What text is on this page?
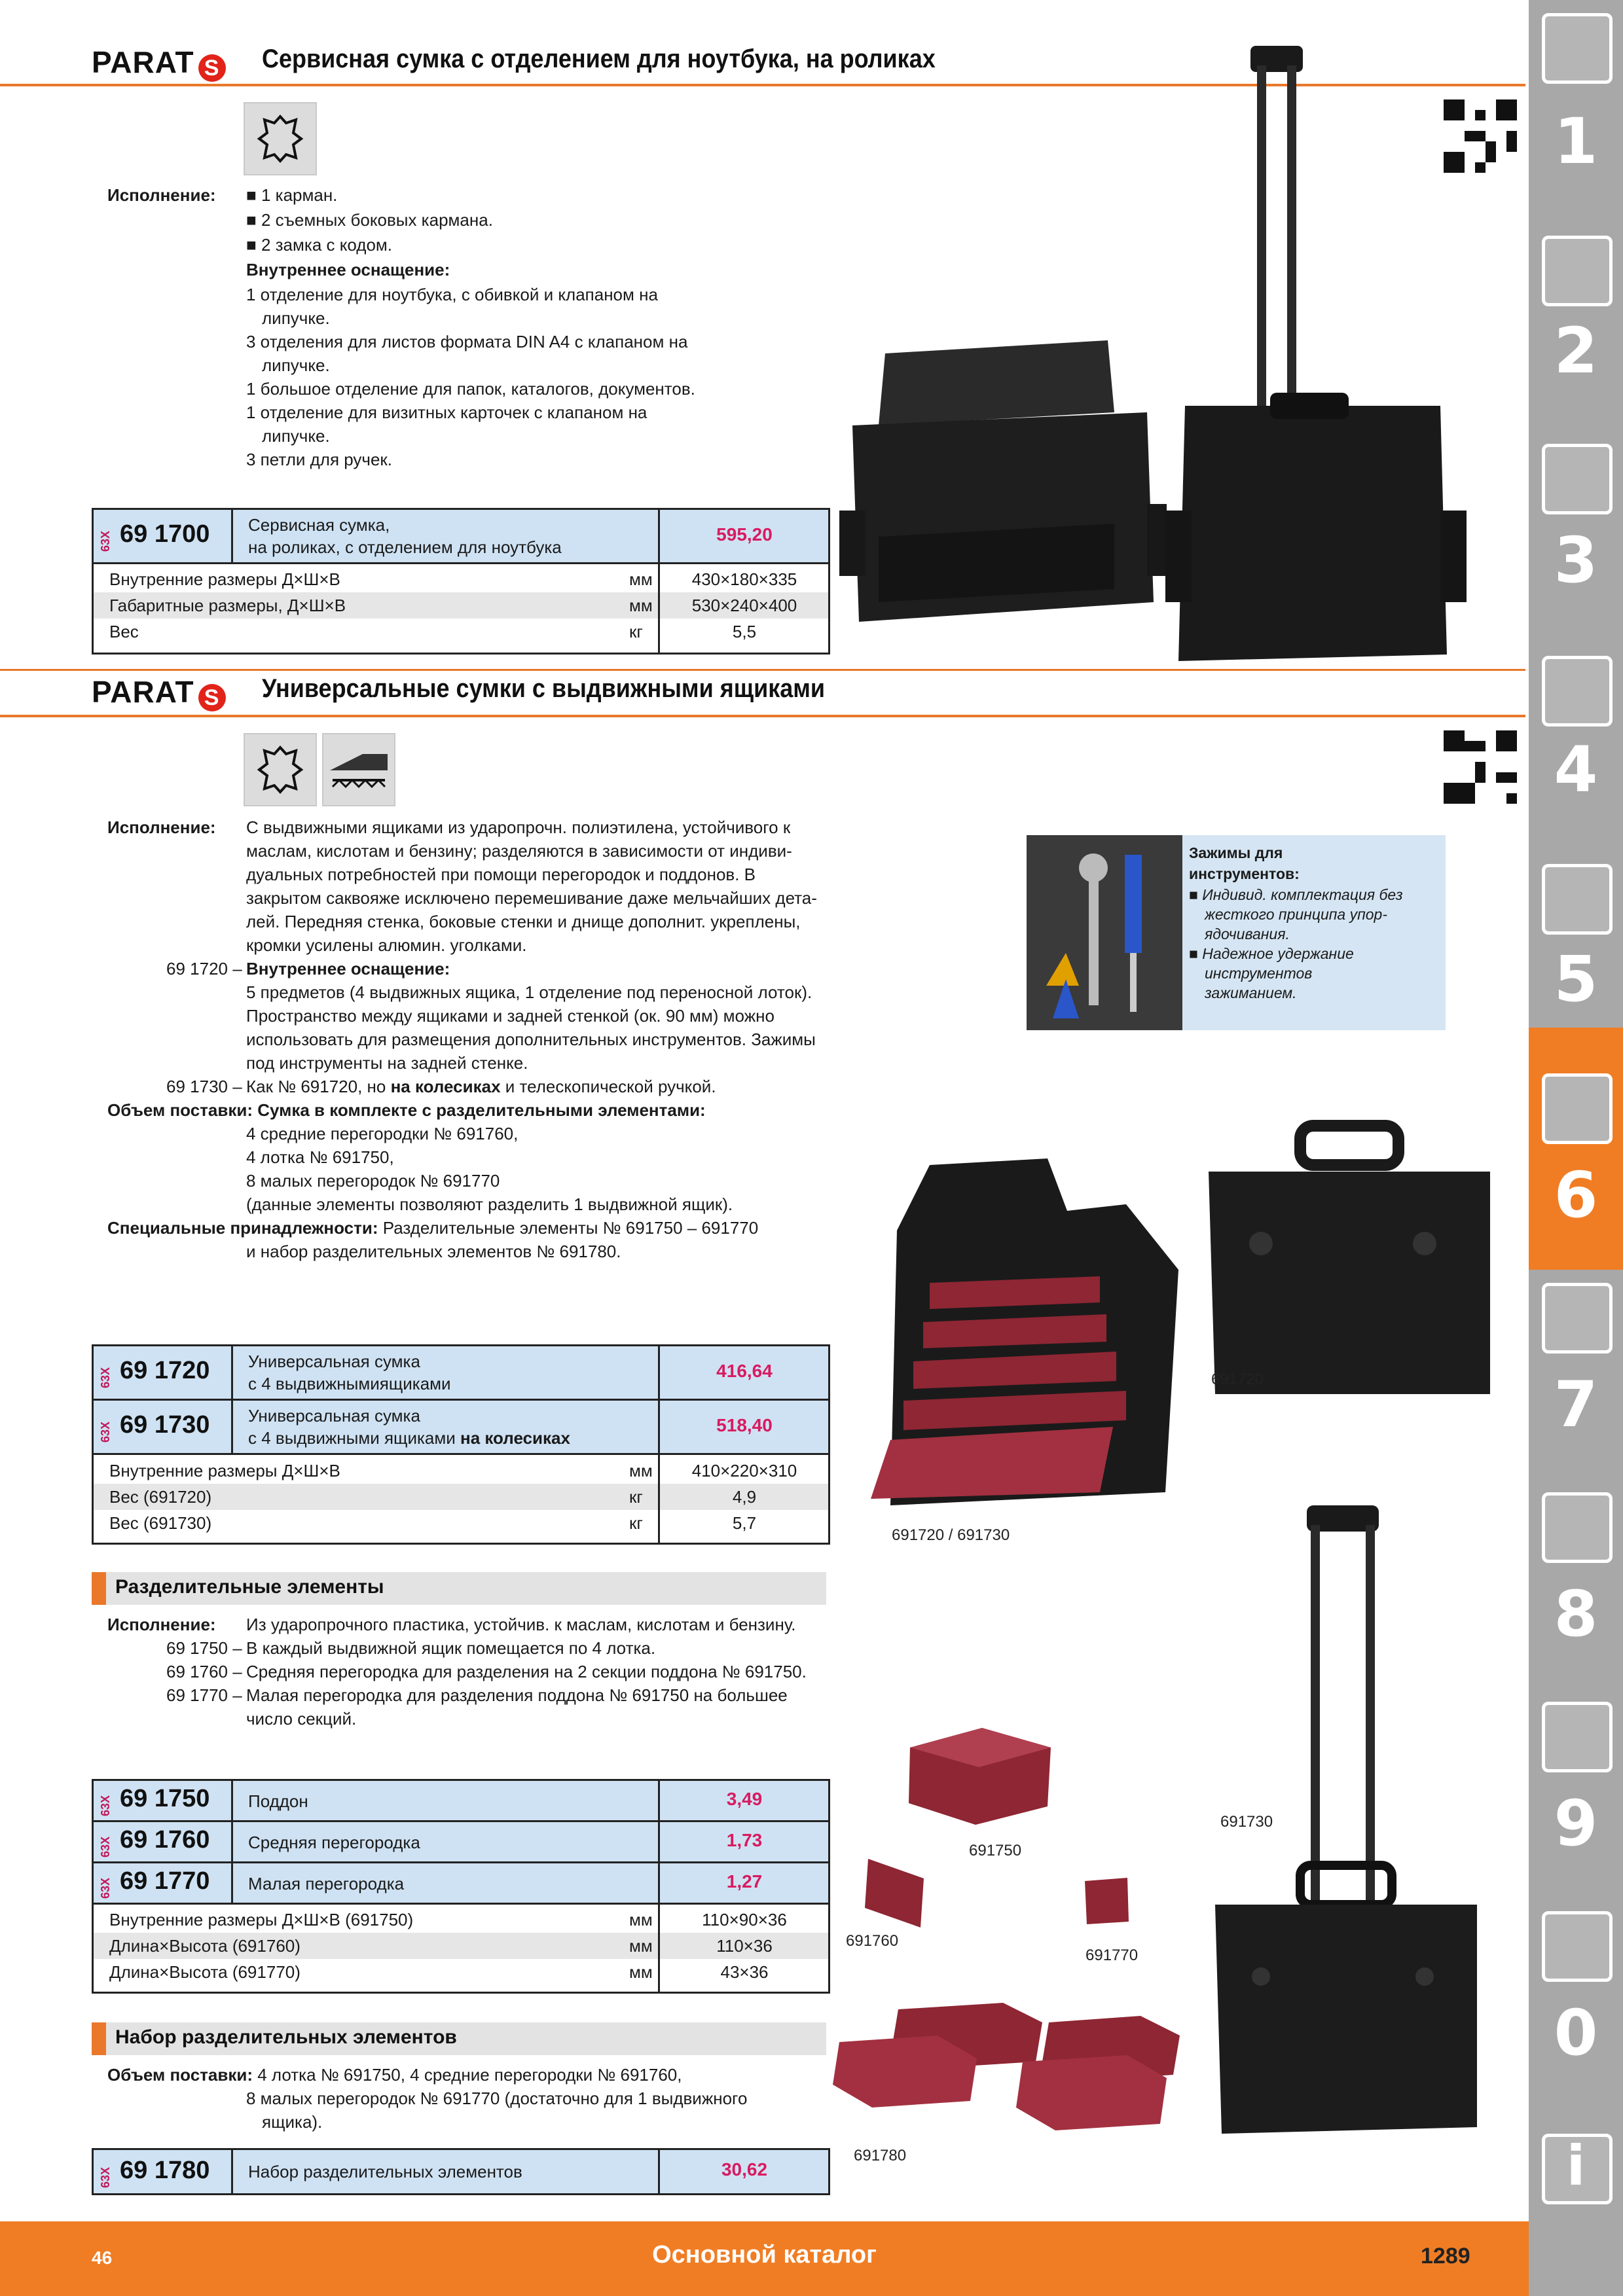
PARAT S Сервисная сумка с отделением для ноутбука, на роликах
Исполнение: ■ 1 карман.
■ 2 съемных боковых кармана.
■ 2 замка с кодом.
Внутреннее оснащение:
1 отделение для ноутбука, с обивкой и клапаном на
липучке.
3 отделения для листов формата DIN A4 с клапаном на
липучке.
1 большое отделение для папок, каталогов, документов.
1 отделение для визитных карточек с клапаном на
липучке.
3 петли для ручек.
63X 69 1700 Сервисная сумка,
на роликах, с отделением для ноутбука
595,20
Внутренние размеры Д×Ш×В	мм	430×180×335
Габаритные размеры, Д×Ш×В	мм	530×240×400
Вес	кг	5,5
PARAT S Универсальные сумки с выдвижными ящиками
Исполнение: С выдвижными ящиками из ударопрочн. полиэтилена, устойчивого к
маслам, кислотам и бензину; разделяются в зависимости от индиви-
дуальных потребностей при помощи перегородок и поддонов. В
закрытом саквояже исключено перемешивание даже мельчайших дета-
лей. Передняя стенка, боковые стенки и днище дополнит. укреплены,
кромки усилены алюмин. уголками.
69 1720 – Внутреннее оснащение:
5 предметов (4 выдвижных ящика, 1 отделение под переносной лоток).
Пространство между ящиками и задней стенкой (ок. 90 мм) можно
использовать для размещения дополнительных инструментов. Зажимы
под инструменты на задней стенке.
69 1730 – Как № 691720, но на колесиках и телескопической ручкой.
Объем поставки: Сумка в комплекте с разделительными элементами:
4 средние перегородки № 691760,
4 лотка № 691750,
8 малых перегородок № 691770
(данные элементы позволяют разделить 1 выдвижной ящик).
Специальные принадлежности: Разделительные элементы № 691750 – 691770
и набор разделительных элементов № 691780.
Зажимы для
инструментов:
■ Индивид. комплектация без
жесткого принципа упор-
ядочивания.
■ Надежное удержание
инструментов
зажиманием.
63X 69 1720 Универсальная сумка
с 4 выдвижнымиящиками
416,64
63X 69 1730 Универсальная сумка
с 4 выдвижными ящиками на колесиках
518,40
Внутренние размеры Д×Ш×В	мм	410×220×310
Вес (691720)	кг	4,9
Вес (691730)	кг	5,7
691720
691720 / 691730
691730
Разделительные элементы
Исполнение: Из ударопрочного пластика, устойчив. к маслам, кислотам и бензину.
69 1750 – В каждый выдвижной ящик помещается по 4 лотка.
69 1760 – Средняя перегородка для разделения на 2 секции поддона № 691750.
69 1770 – Малая перегородка для разделения поддона № 691750 на большее
число секций.
63X 69 1750 Поддон	3,49
63X 69 1760 Средняя перегородка	1,73
63X 69 1770 Малая перегородка	1,27
Внутренние размеры Д×Ш×В (691750)	мм	110×90×36
Длина×Высота (691760)	мм	110×36
Длина×Высота (691770)	мм	43×36
691750
691760
691770
Набор разделительных элементов
Объем поставки: 4 лотка № 691750, 4 средние перегородки № 691760,
8 малых перегородок № 691770 (достаточно для 1 выдвижного
ящика).
63X 69 1780 Набор разделительных элементов	30,62
691780
1
2
3
4
5
6
7
8
9
0
i
46	Основной каталог	1289
